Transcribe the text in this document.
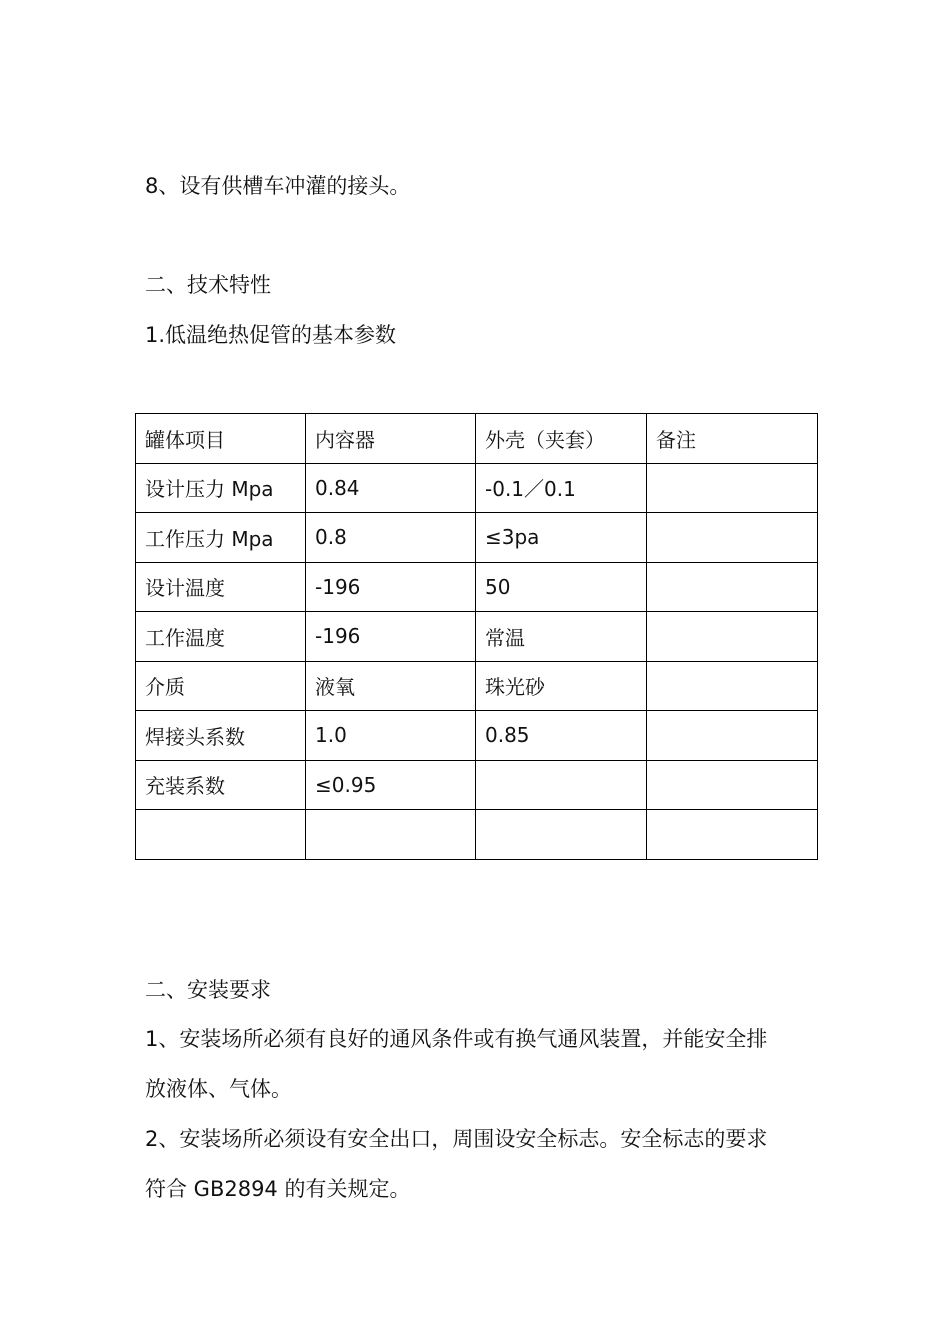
8、设有供槽车冲灌的接头。

二、技术特性

1.低温绝热促管的基本参数

罐体项目	内容器	外壳（夹套）	备注
设计压力 Mpa	0.84	-0.1／0.1	
工作压力 Mpa	0.8	≤3pa	
设计温度	-196	50	
工作温度	-196	常温	
介质	液氧	珠光砂	
焊接头系数	1.0	0.85	
充装系数	≤0.95		

二、安装要求

1、安装场所必须有良好的通风条件或有换气通风装置，并能安全排

放液体、气体。

2、安装场所必须设有安全出口，周围设安全标志。安全标志的要求

符合 GB2894 的有关规定。
